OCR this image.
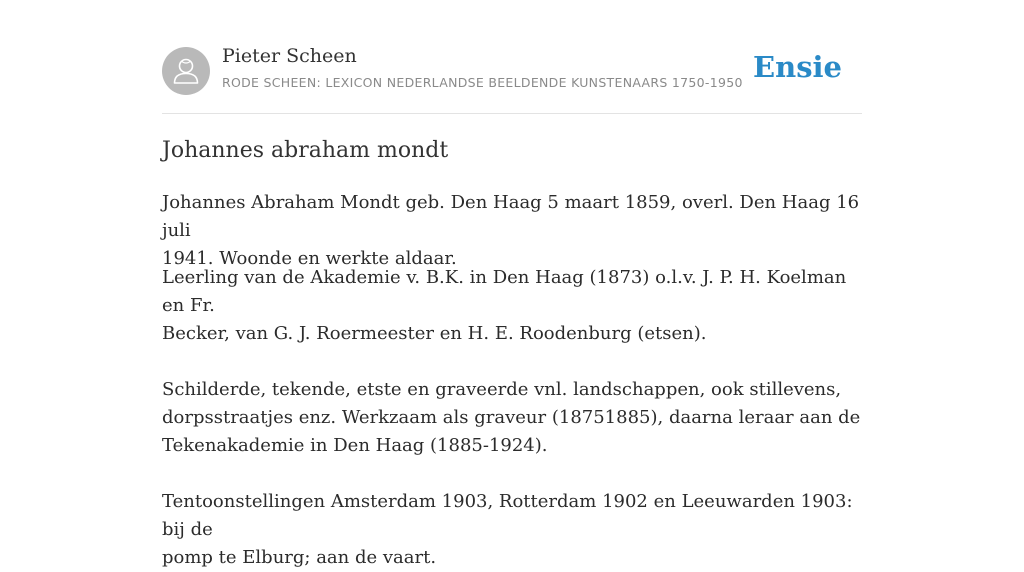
Pieter Scheen
RODE SCHEEN: LEXICON NEDERLANDSE BEELDENDE KUNSTENAARS 1750-1950 Ensie
Johannes abraham mondt

Johannes Abraham Mondt geb. Den Haag 5 maart 1859, overl. Den Haag 16 juli
1941. Woonde en werkte aldaar.

Leerling van de Akademie v. B.K. in Den Haag (1873) o.l.v. J. P. H. Koelman en Fr.
Becker, van G. J. Roermeester en H. E. Roodenburg (etsen).

Schilderde, tekende, etste en graveerde vnl. landschappen, ook stillevens,
dorpsstraatjes enz. Werkzaam als graveur (18751885), daarna leraar aan de
Tekenakademie in Den Haag (1885-1924).

Tentoonstellingen Amsterdam 1903, Rotterdam 1902 en Leeuwarden 1903: bij de
pomp te Elburg; aan de vaart.
